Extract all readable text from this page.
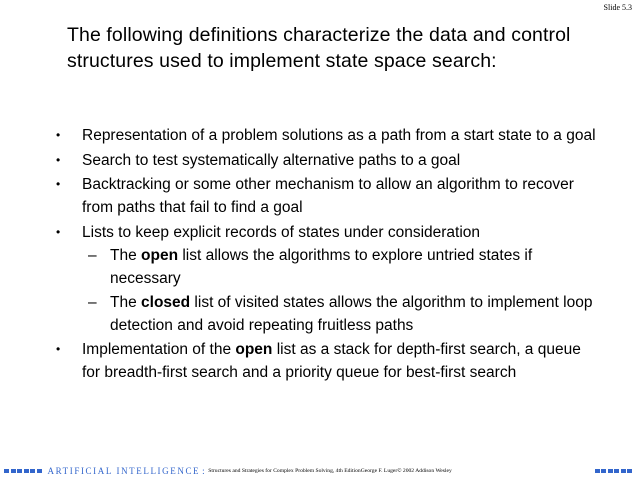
Slide 5.3
The following definitions characterize the data and control structures used to implement state space search:
• Representation of a problem solutions as a path from a start state to a goal
• Search to test systematically alternative paths to a goal
• Backtracking or some other mechanism to allow an algorithm to recover from paths that fail to find a goal
• Lists to keep explicit records of states under consideration
– The open list allows the algorithms to explore untried states if necessary
– The closed list of visited states allows the algorithm to implement loop detection and avoid repeating fruitless paths
• Implementation of the open list as a stack for depth-first search, a queue for breadth-first search and a priority queue for best-first search
ARTIFICIAL INTELLIGENCE : Structures and Strategies for Complex Problem Solving, 4th Edition George F. Luger © 2002 Addison Wesley
